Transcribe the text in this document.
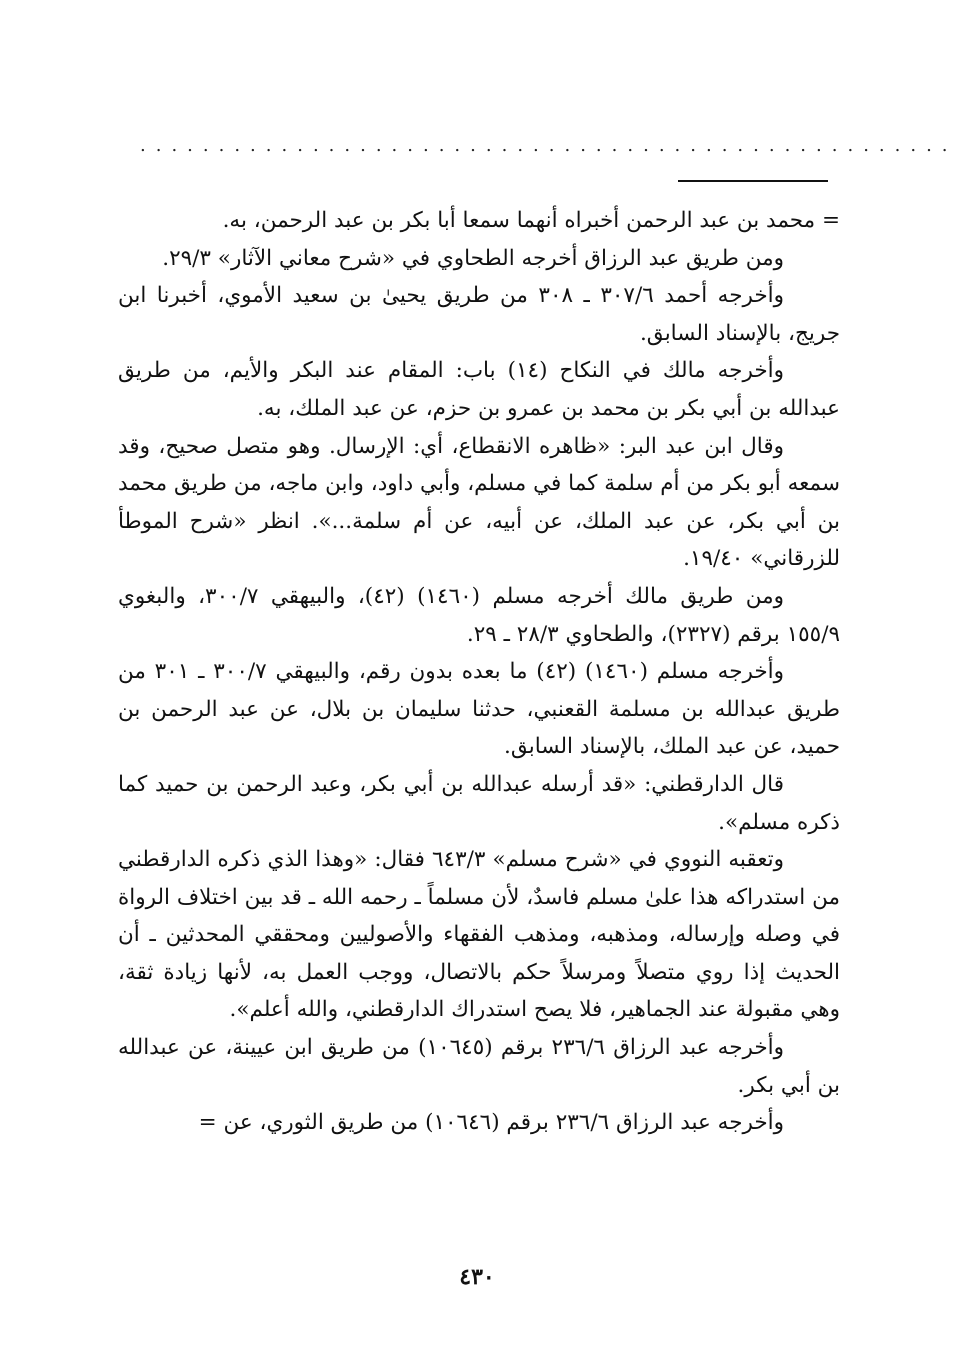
....................................................

= محمد بن عبد الرحمن أخبراه أنهما سمعا أبا بكر بن عبد الرحمن، به.

ومن طريق عبد الرزاق أخرجه الطحاوي في «شرح معاني الآثار» ٢٩/٣.

وأخرجه أحمد ٣٠٧/٦ ـ ٣٠٨ من طريق يحيىٰ بن سعيد الأموي، أخبرنا ابن جريج، بالإسناد السابق.

وأخرجه مالك في النكاح (١٤) باب: المقام عند البكر والأيم، من طريق عبدالله بن أبي بكر بن محمد بن عمرو بن حزم، عن عبد الملك، به.

وقال ابن عبد البر: «ظاهره الانقطاع، أي: الإرسال. وهو متصل صحيح، وقد سمعه أبو بكر من أم سلمة كما في مسلم، وأبي داود، وابن ماجه، من طريق محمد بن أبي بكر، عن عبد الملك، عن أبيه، عن أم سلمة...». انظر «شرح الموطأ للزرقاني» ١٩/٤٠.

ومن طريق مالك أخرجه مسلم (١٤٦٠) (٤٢)، والبيهقي ٣٠٠/٧، والبغوي ١٥٥/٩ برقم (٢٣٢٧)، والطحاوي ٢٨/٣ ـ ٢٩.

وأخرجه مسلم (١٤٦٠) (٤٢) ما بعده بدون رقم، والبيهقي ٣٠٠/٧ ـ ٣٠١ من طريق عبدالله بن مسلمة القعنبي، حدثنا سليمان بن بلال، عن عبد الرحمن بن حميد، عن عبد الملك، بالإسناد السابق.

قال الدارقطني: «قد أرسله عبدالله بن أبي بكر، وعبد الرحمن بن حميد كما ذكره مسلم».

وتعقبه النووي في «شرح مسلم» ٦٤٣/٣ فقال: «وهذا الذي ذكره الدارقطني من استدراكه هذا علىٰ مسلم فاسدٌ، لأن مسلماً ـ رحمه الله ـ قد بين اختلاف الرواة في وصله وإرساله، ومذهبه، ومذهب الفقهاء والأصوليين ومحققي المحدثين ـ أن الحديث إذا روي متصلاً ومرسلاً حكم بالاتصال، ووجب العمل به، لأنها زيادة ثقة، وهي مقبولة عند الجماهير، فلا يصح استدراك الدارقطني، والله أعلم».

وأخرجه عبد الرزاق ٢٣٦/٦ برقم (١٠٦٤٥) من طريق ابن عيينة، عن عبدالله بن أبي بكر.

وأخرجه عبد الرزاق ٢٣٦/٦ برقم (١٠٦٤٦) من طريق الثوري، عن =

٤٣٠
